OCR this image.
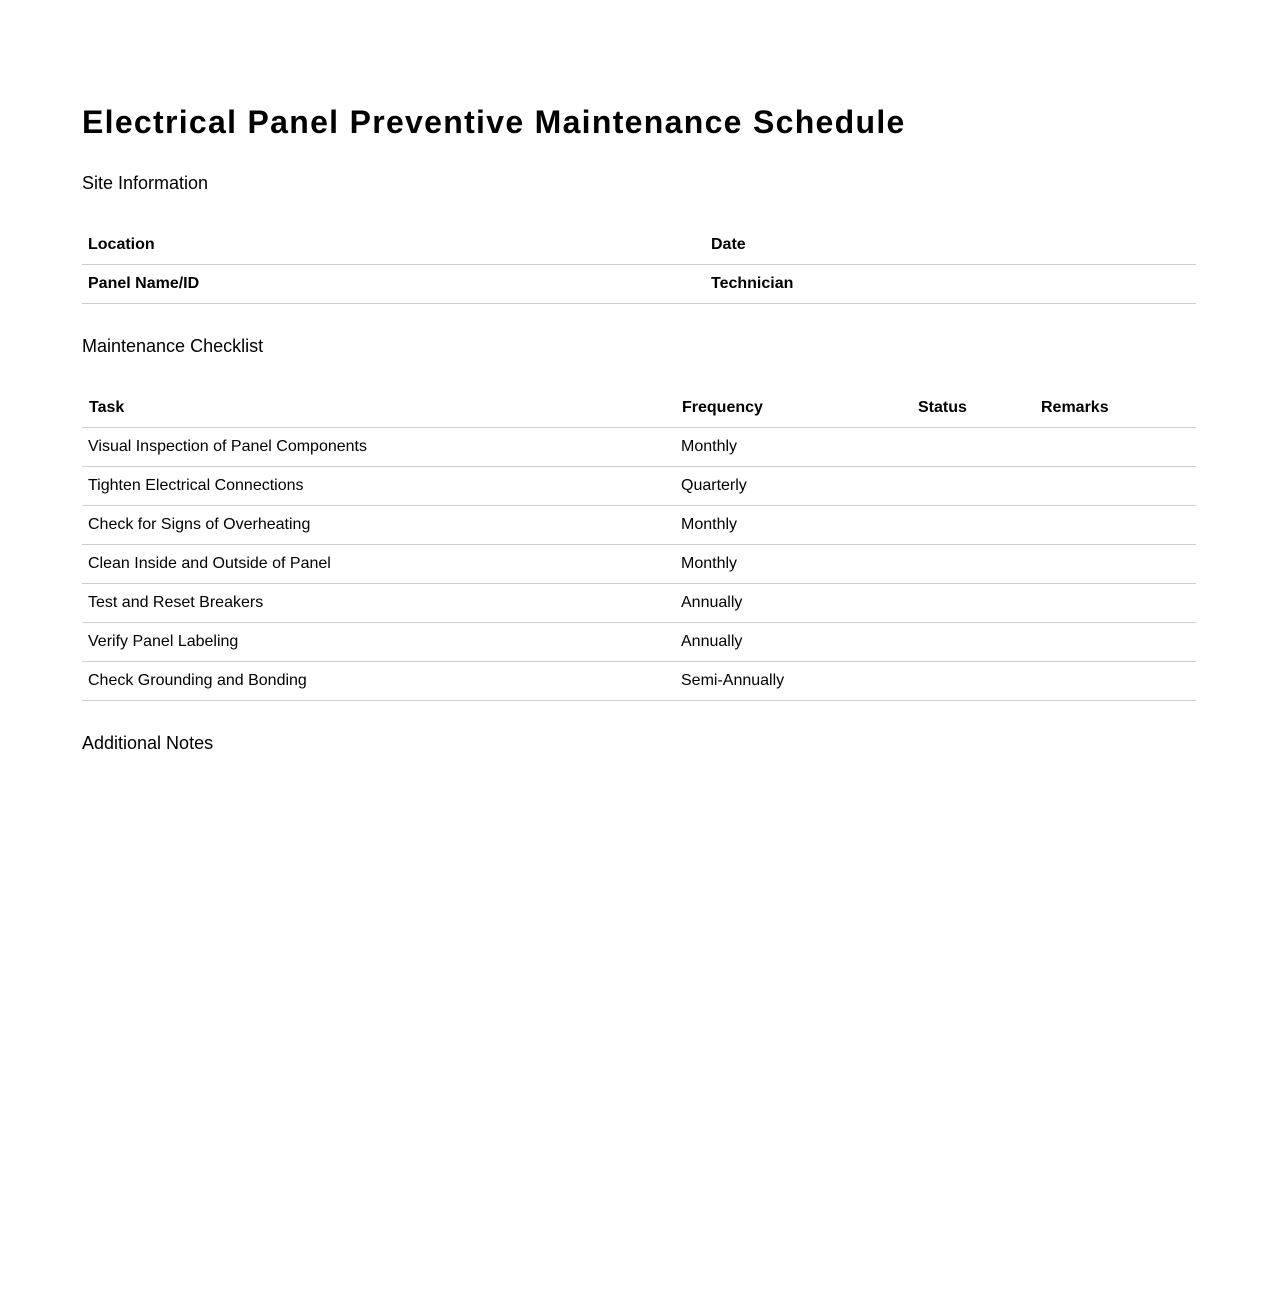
Electrical Panel Preventive Maintenance Schedule
Site Information
Location		Date	
Panel Name/ID		Technician	
Maintenance Checklist
Task	Frequency	Status	Remarks
Visual Inspection of Panel Components	Monthly		
Tighten Electrical Connections	Quarterly		
Check for Signs of Overheating	Monthly		
Clean Inside and Outside of Panel	Monthly		
Test and Reset Breakers	Annually		
Verify Panel Labeling	Annually		
Check Grounding and Bonding	Semi-Annually		
Additional Notes
